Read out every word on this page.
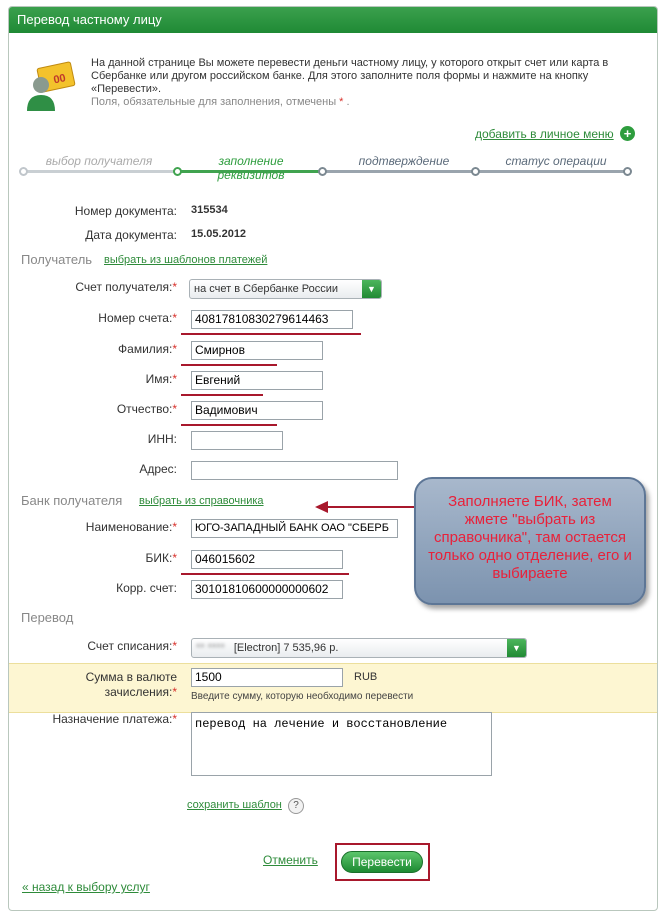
Перевод частному лицу
00
На данной странице Вы можете перевести деньги частному лицу, у которого открыт счет или карта в Сбербанке или другом российском банке. Для этого заполните поля формы и нажмите на кнопку «Перевести».
Поля, обязательные для заполнения, отмечены * .
добавить в личное меню +
выбор получателя	заполнение реквизитов
подтверждение	статус операции
Номер документа: 315534
Дата документа: 15.05.2012
Получатель выбрать из шаблонов платежей
Счет получателя:*	на счет в Сбербанке России	▼
Номер счета:*	40817810830279614463
Фамилия:*	Смирнов
Имя:*	Евгений
Отчество:*	Вадимович
ИНН:
Адрес:
Банк получателя выбрать из справочника
Наименование:*	ЮГО-ЗАПАДНЫЙ БАНК ОАО "СБЕРБ
БИК:*	046015602
Корр. счет:	30101810600000000602
Перевод
Счет списания:*	** **** [Electron] 7 535,96 р.	▼
Сумма в валюте
зачисления:*
1500	RUB
Введите сумму, которую необходимо перевести
Назначение платежа:*	перевод на лечение и восстановление
сохранить шаблон	?
Отменить	Перевести
« назад к выбору услуг
Заполняете БИК, затем жмете "выбрать из справочника", там остается только одно отделение, его и выбираете
